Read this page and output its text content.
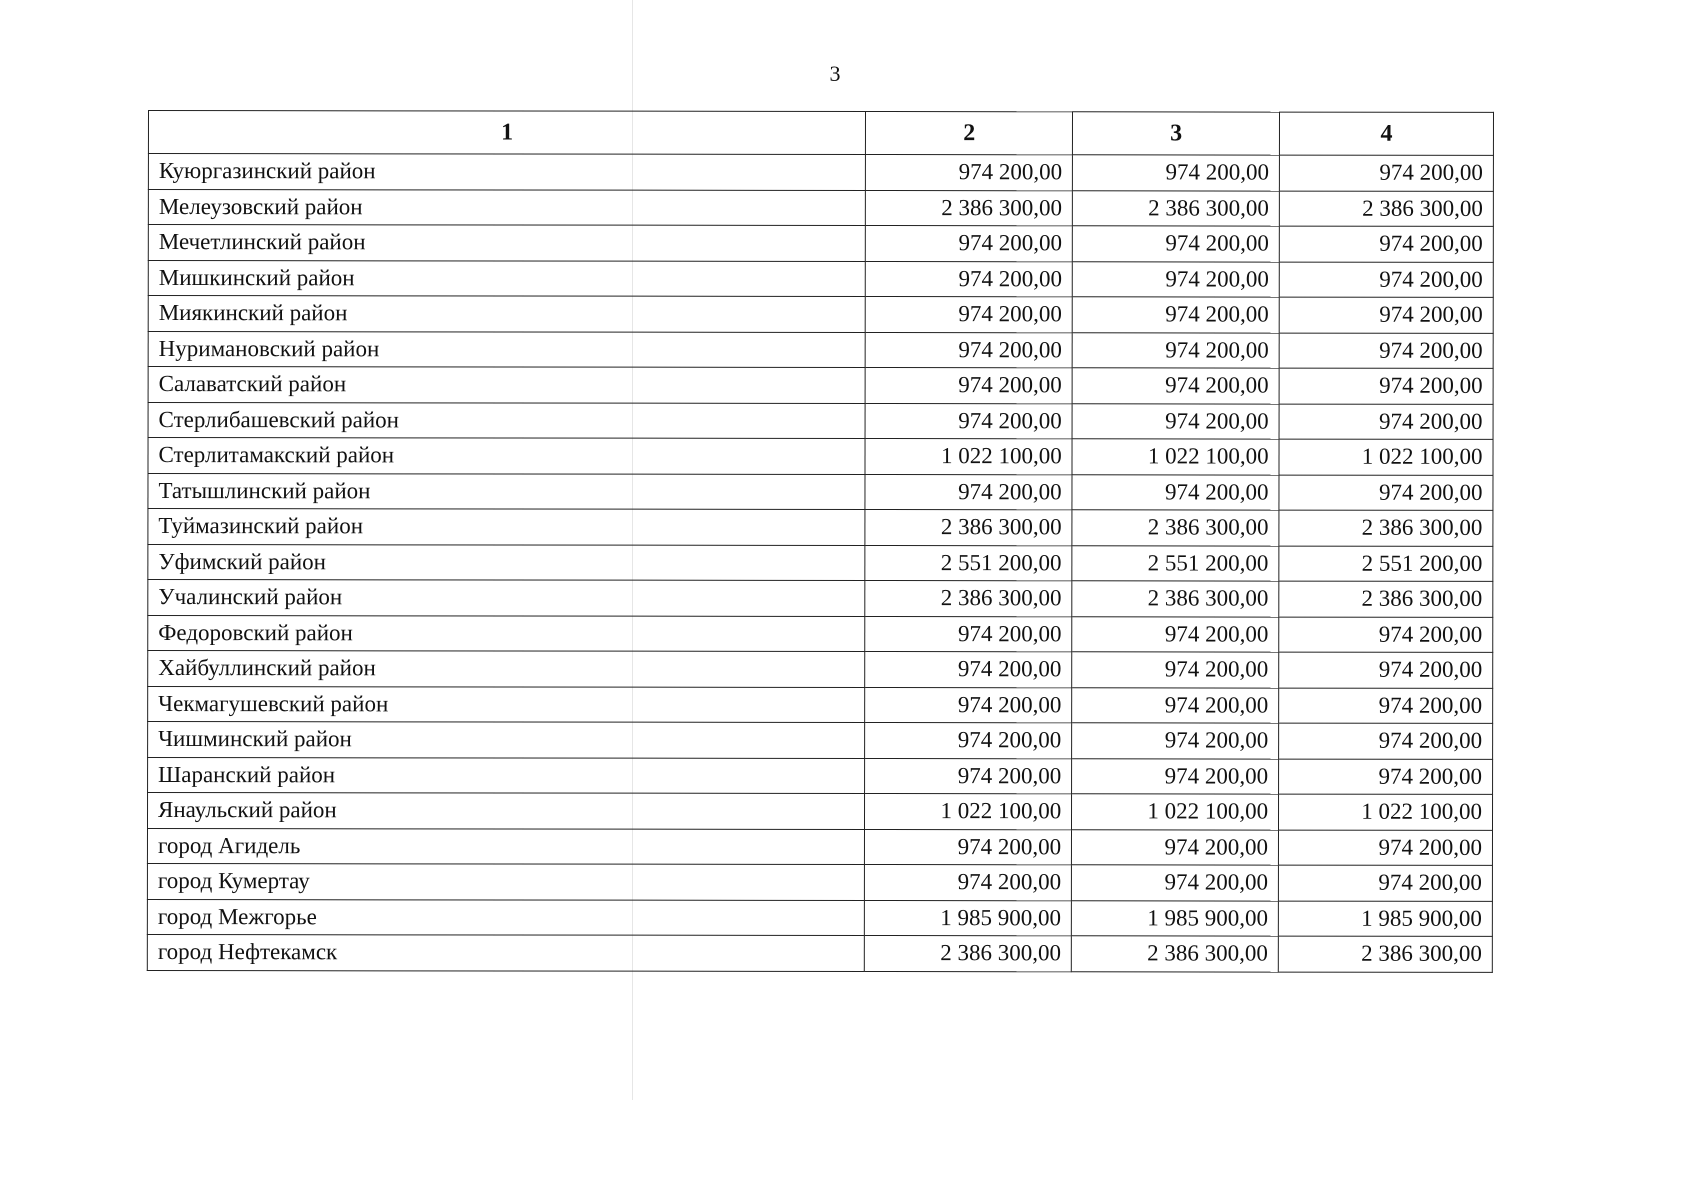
3
1	2	3	4
Куюргазинский район	974 200,00	974 200,00	974 200,00
Мелеузовский район	2 386 300,00	2 386 300,00	2 386 300,00
Мечетлинский район	974 200,00	974 200,00	974 200,00
Мишкинский район	974 200,00	974 200,00	974 200,00
Миякинский район	974 200,00	974 200,00	974 200,00
Нуримановский район	974 200,00	974 200,00	974 200,00
Салаватский район	974 200,00	974 200,00	974 200,00
Стерлибашевский район	974 200,00	974 200,00	974 200,00
Стерлитамакский район	1 022 100,00	1 022 100,00	1 022 100,00
Татышлинский район	974 200,00	974 200,00	974 200,00
Туймазинский район	2 386 300,00	2 386 300,00	2 386 300,00
Уфимский район	2 551 200,00	2 551 200,00	2 551 200,00
Учалинский район	2 386 300,00	2 386 300,00	2 386 300,00
Федоровский район	974 200,00	974 200,00	974 200,00
Хайбуллинский район	974 200,00	974 200,00	974 200,00
Чекмагушевский район	974 200,00	974 200,00	974 200,00
Чишминский район	974 200,00	974 200,00	974 200,00
Шаранский район	974 200,00	974 200,00	974 200,00
Янаульский район	1 022 100,00	1 022 100,00	1 022 100,00
город Агидель	974 200,00	974 200,00	974 200,00
город Кумертау	974 200,00	974 200,00	974 200,00
город Межгорье	1 985 900,00	1 985 900,00	1 985 900,00
город Нефтекамск	2 386 300,00	2 386 300,00	2 386 300,00
